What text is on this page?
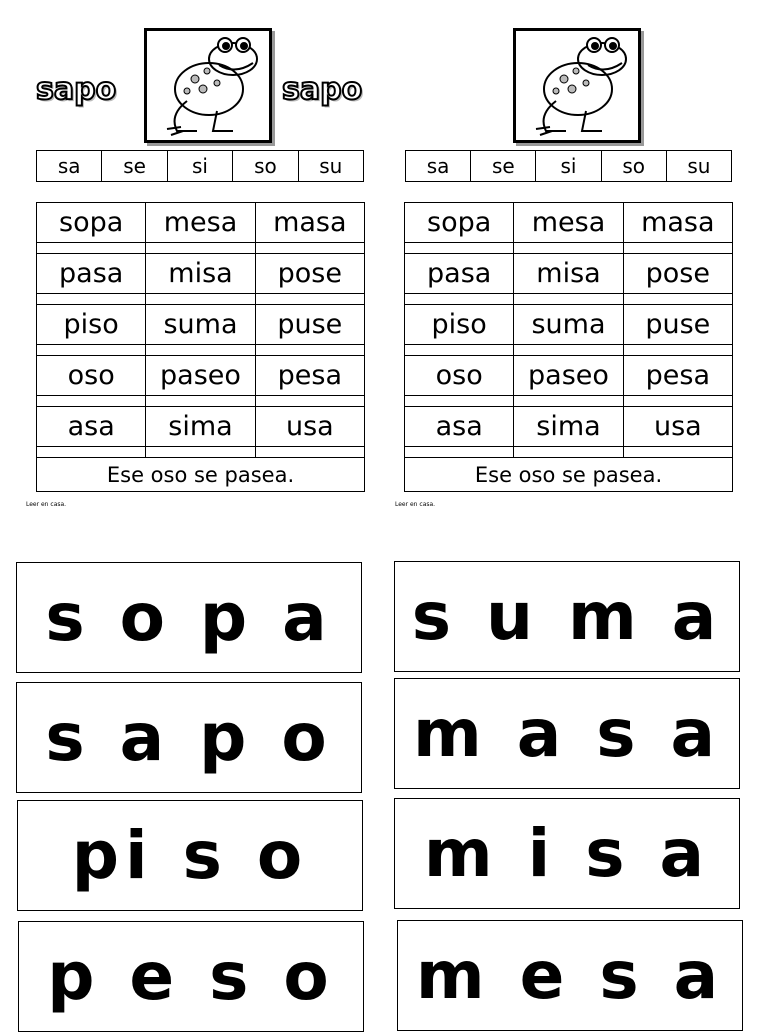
sapo	sapo
sa	se	si	so	su
sopa	mesa	masa
pasa	misa	pose
piso	suma	puse
oso	paseo	pesa
asa	sima	usa
Ese oso se pasea.
Leer en casa.
sa	se	si	so	su
sopa	mesa	masa
pasa	misa	pose
piso	suma	puse
oso	paseo	pesa
asa	sima	usa
Ese oso se pasea.
Leer en casa.
s o p a
s a p o
pi s o
p e s o
s u m a
m a s a
m i s a
m e s a
